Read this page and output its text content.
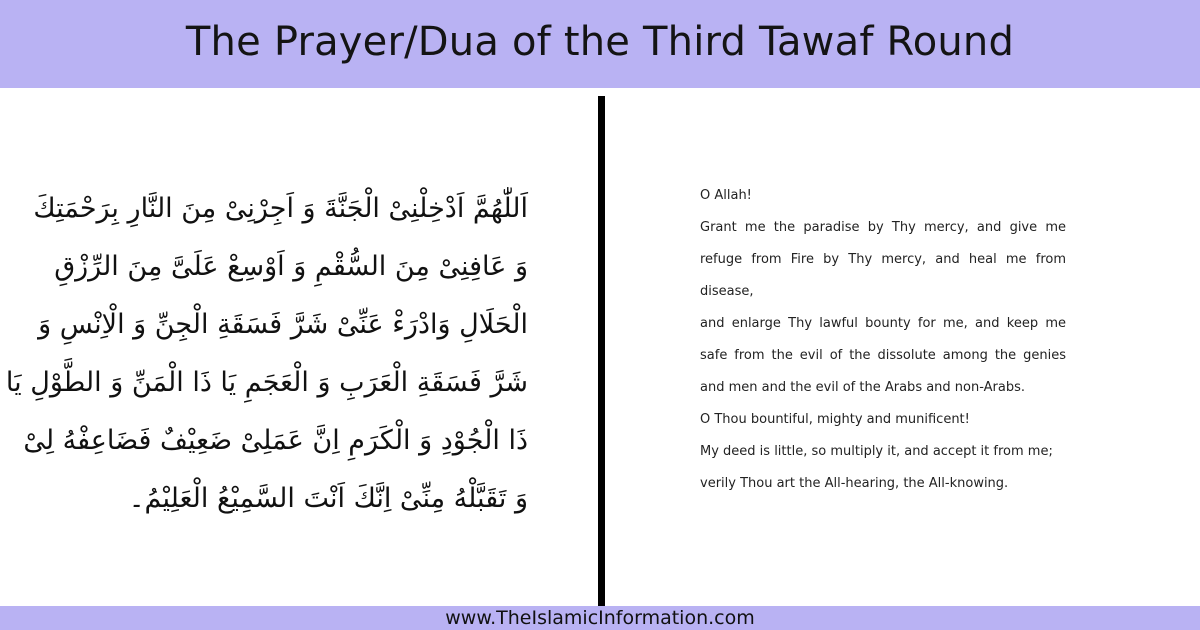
The Prayer/Dua of the Third Tawaf Round
اَللّٰهُمَّ اَدْخِلْنِیْ الْجَنَّةَ وَ اَجِرْنِیْ مِنَ النَّارِ بِرَحْمَتِكَ
وَ عَافِنِیْ مِنَ السُّقْمِ وَ اَوْسِعْ عَلَیَّ مِنَ الرِّزْقِ
الْحَلَالِ وَادْرَءْ عَنِّیْ شَرَّ فَسَقَةِ الْجِنِّ وَ الْاِنْسِ وَ
شَرَّ فَسَقَةِ الْعَرَبِ وَ الْعَجَمِ یَا ذَا الْمَنِّ وَ الطَّوْلِ یَا
ذَا الْجُوْدِ وَ الْكَرَمِ اِنَّ عَمَلِیْ ضَعِیْفٌ فَضَاعِفْهُ لِیْ
وَ تَقَبَّلْهُ مِنِّیْ اِنَّكَ اَنْتَ السَّمِیْعُ الْعَلِیْمُ۔
O Allah!
Grant me the paradise by Thy mercy, and give me
refuge from Fire by Thy mercy, and heal me from
disease,
and enlarge Thy lawful bounty for me, and keep me
safe from the evil of the dissolute among the genies
and men and the evil of the Arabs and non-Arabs.
O Thou bountiful, mighty and munificent!
My deed is little, so multiply it, and accept it from me;
verily Thou art the All-hearing, the All-knowing.
www.TheIslamicInformation.com
